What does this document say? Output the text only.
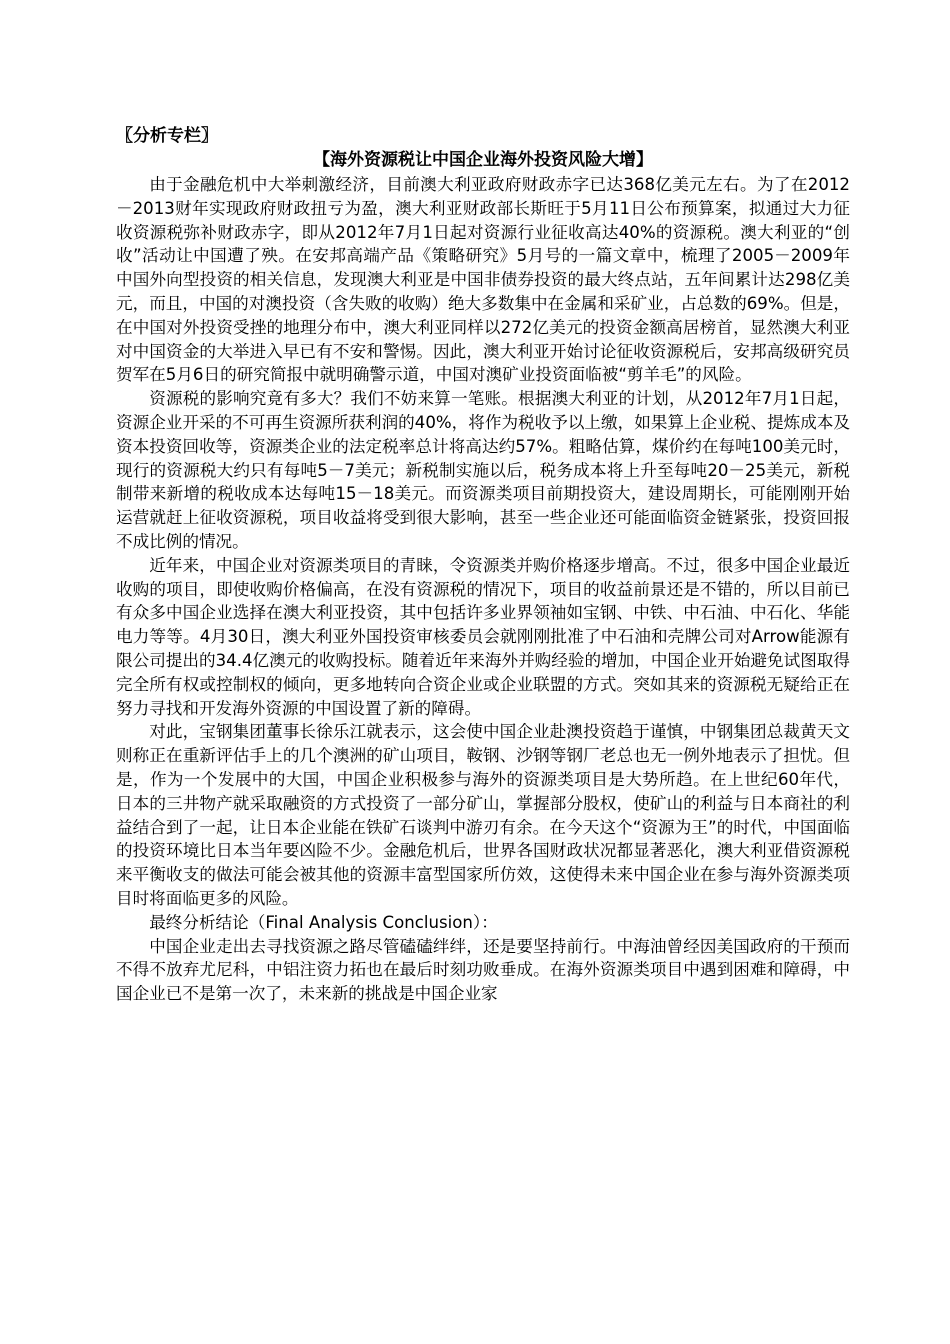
〖分析专栏〗
【海外资源税让中国企业海外投资风险大增】

由于金融危机中大举刺激经济，目前澳大利亚政府财政赤字已达368亿美元左右。为了在2012－2013财年实现政府财政扭亏为盈，澳大利亚财政部长斯旺于5月11日公布预算案，拟通过大力征收资源税弥补财政赤字，即从2012年7月1日起对资源行业征收高达40%的资源税。澳大利亚的“创收”活动让中国遭了殃。在安邦高端产品《策略研究》5月号的一篇文章中，梳理了2005－2009年中国外向型投资的相关信息，发现澳大利亚是中国非债券投资的最大终点站，五年间累计达298亿美元，而且，中国的对澳投资（含失败的收购）绝大多数集中在金属和采矿业，占总数的69%。但是，在中国对外投资受挫的地理分布中，澳大利亚同样以272亿美元的投资金额高居榜首，显然澳大利亚对中国资金的大举进入早已有不安和警惕。因此，澳大利亚开始讨论征收资源税后，安邦高级研究员贺军在5月6日的研究简报中就明确警示道，中国对澳矿业投资面临被“剪羊毛”的风险。

资源税的影响究竟有多大？我们不妨来算一笔账。根据澳大利亚的计划，从2012年7月1日起，资源企业开采的不可再生资源所获利润的40%，将作为税收予以上缴，如果算上企业税、提炼成本及资本投资回收等，资源类企业的法定税率总计将高达约57%。粗略估算，煤价约在每吨100美元时，现行的资源税大约只有每吨5－7美元；新税制实施以后，税务成本将上升至每吨20－25美元，新税制带来新增的税收成本达每吨15－18美元。而资源类项目前期投资大，建设周期长，可能刚刚开始运营就赶上征收资源税，项目收益将受到很大影响，甚至一些企业还可能面临资金链紧张，投资回报不成比例的情况。

近年来，中国企业对资源类项目的青睐，令资源类并购价格逐步增高。不过，很多中国企业最近收购的项目，即使收购价格偏高，在没有资源税的情况下，项目的收益前景还是不错的，所以目前已有众多中国企业选择在澳大利亚投资，其中包括许多业界领袖如宝钢、中铁、中石油、中石化、华能电力等等。4月30日，澳大利亚外国投资审核委员会就刚刚批准了中石油和壳牌公司对Arrow能源有限公司提出的34.4亿澳元的收购投标。随着近年来海外并购经验的增加，中国企业开始避免试图取得完全所有权或控制权的倾向，更多地转向合资企业或企业联盟的方式。突如其来的资源税无疑给正在努力寻找和开发海外资源的中国设置了新的障碍。

对此，宝钢集团董事长徐乐江就表示，这会使中国企业赴澳投资趋于谨慎，中钢集团总裁黄天文则称正在重新评估手上的几个澳洲的矿山项目，鞍钢、沙钢等钢厂老总也无一例外地表示了担忧。但是，作为一个发展中的大国，中国企业积极参与海外的资源类项目是大势所趋。在上世纪60年代，日本的三井物产就采取融资的方式投资了一部分矿山，掌握部分股权，使矿山的利益与日本商社的利益结合到了一起，让日本企业能在铁矿石谈判中游刃有余。在今天这个“资源为王”的时代，中国面临的投资环境比日本当年要凶险不少。金融危机后，世界各国财政状况都显著恶化，澳大利亚借资源税来平衡收支的做法可能会被其他的资源丰富型国家所仿效，这使得未来中国企业在参与海外资源类项目时将面临更多的风险。

最终分析结论（Final Analysis Conclusion）：

中国企业走出去寻找资源之路尽管磕磕绊绊，还是要坚持前行。中海油曾经因美国政府的干预而不得不放弃尤尼科，中铝注资力拓也在最后时刻功败垂成。在海外资源类项目中遇到困难和障碍，中国企业已不是第一次了，未来新的挑战是中国企业家
